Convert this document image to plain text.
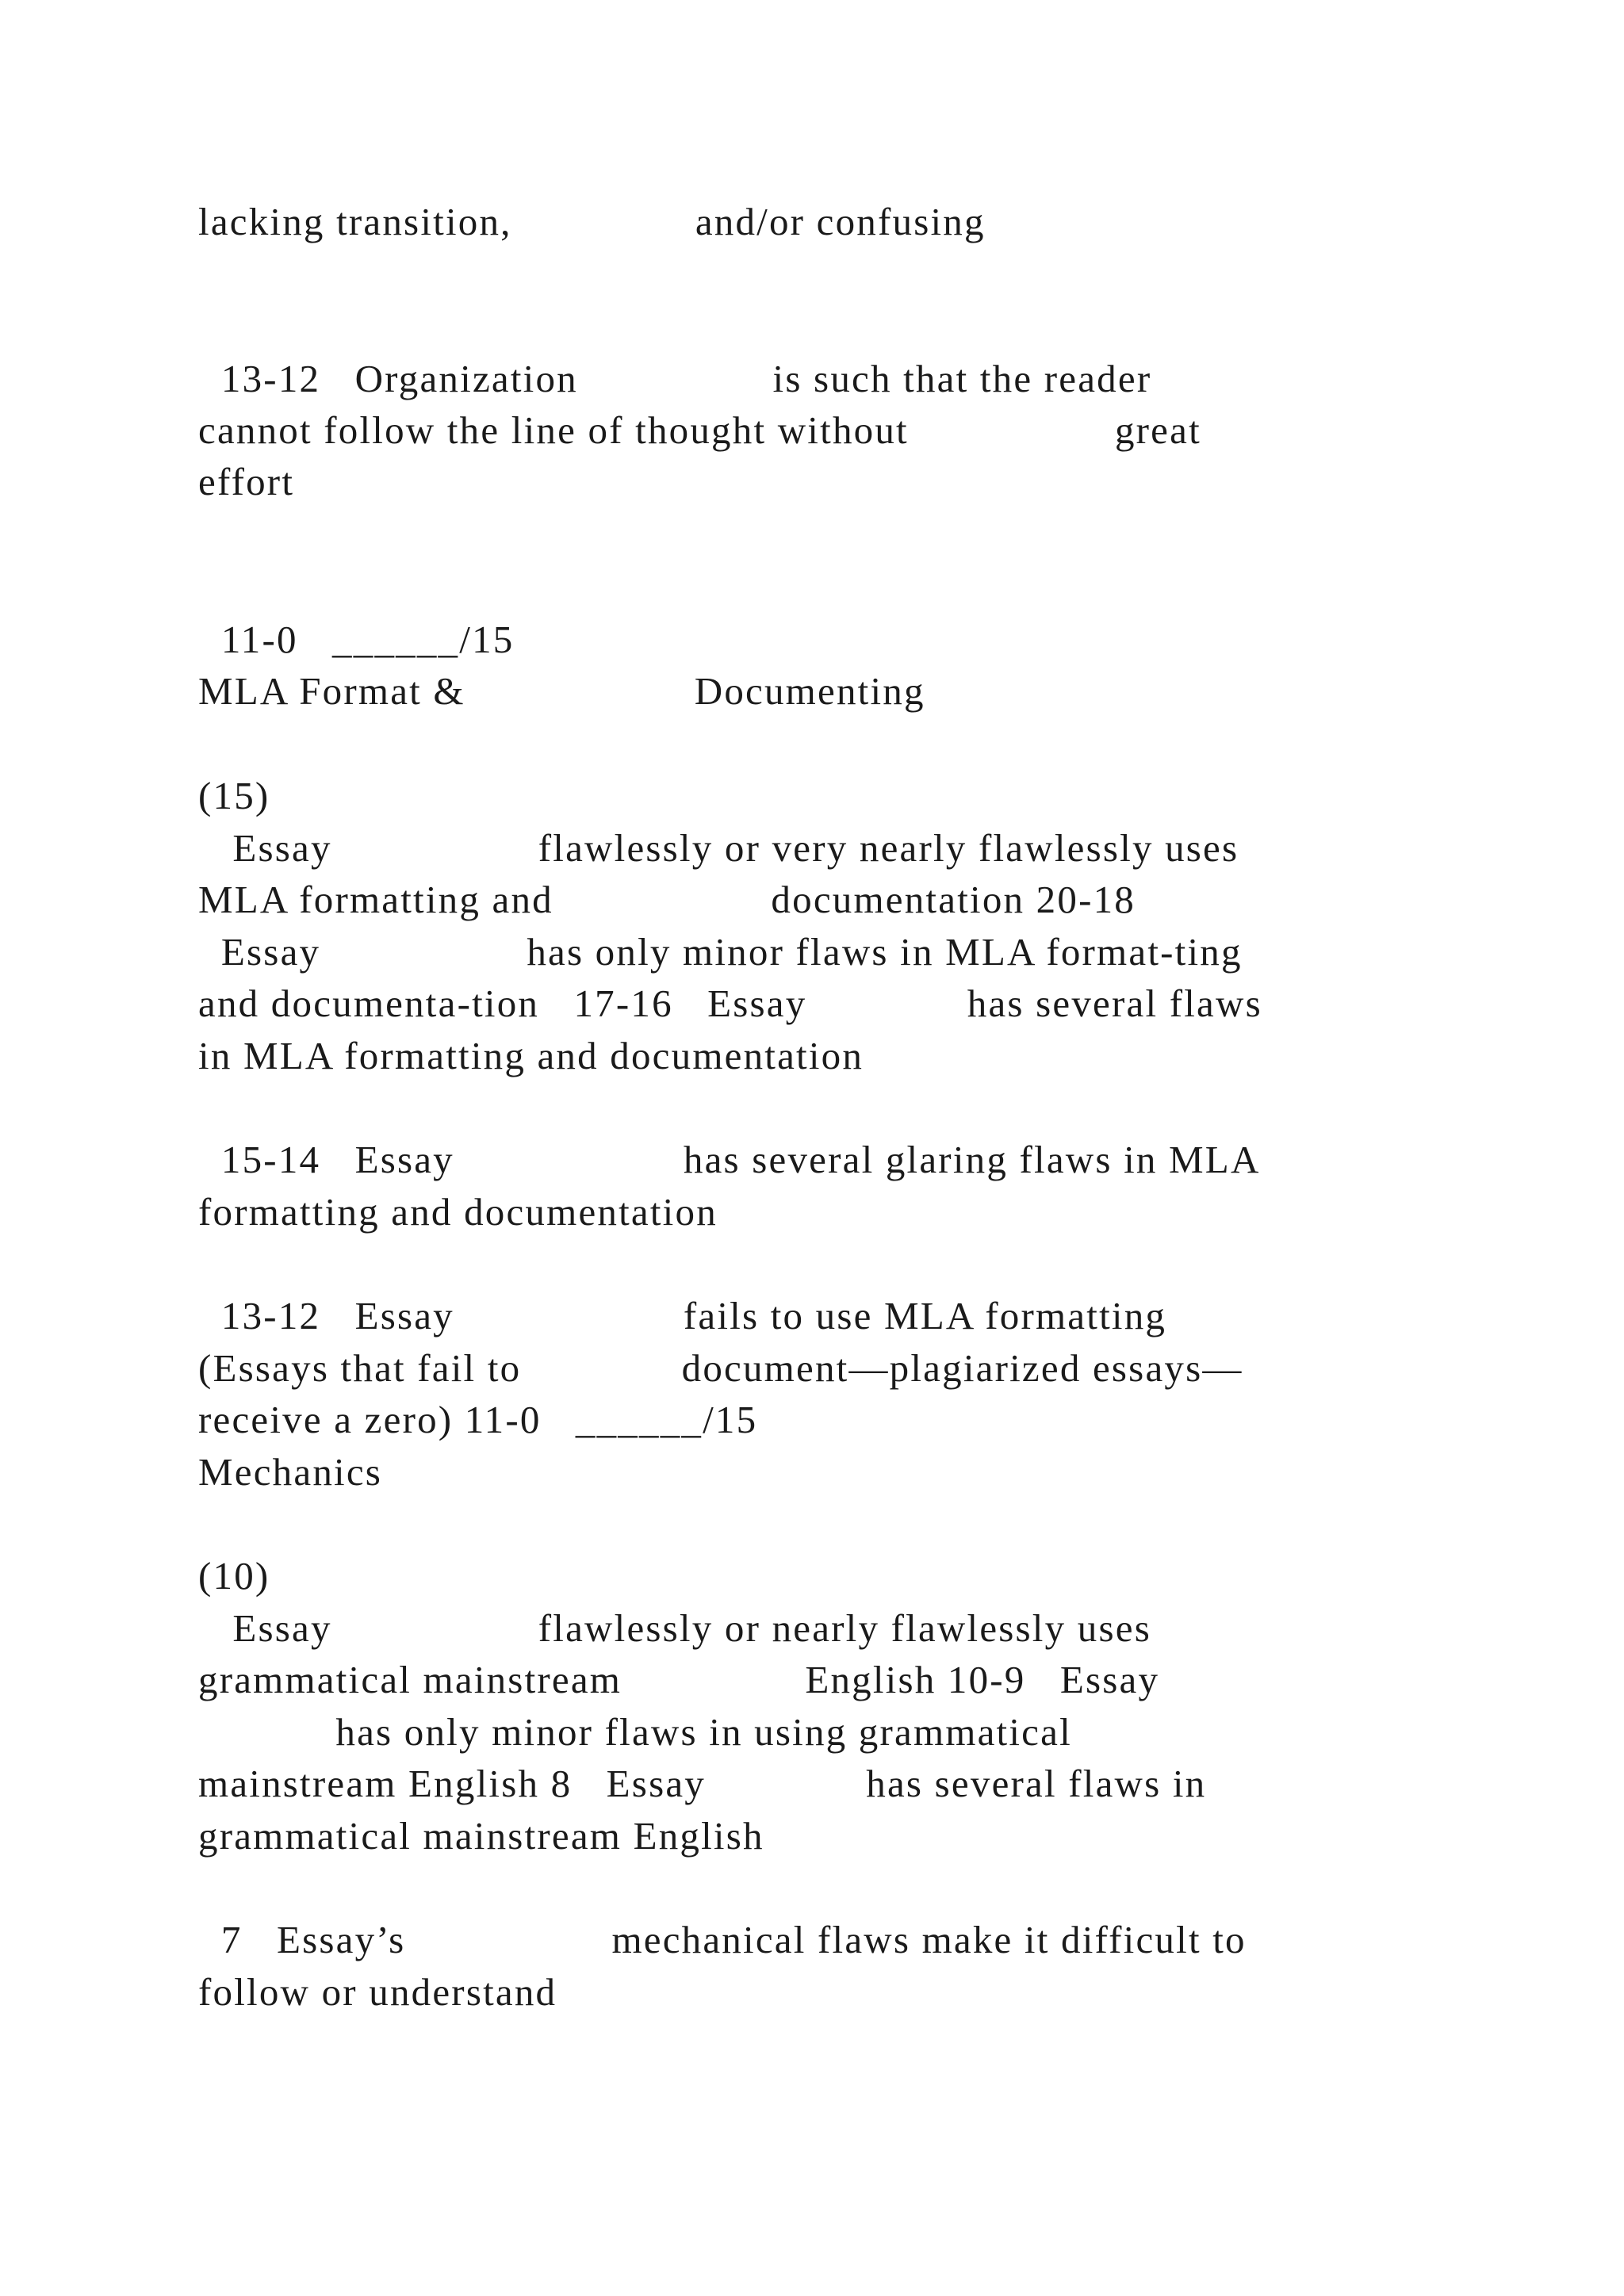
lacking transition,                and/or confusing
13-12   Organization                 is such that the reader
cannot follow the line of thought without                  great
effort
11-0   ______/15
MLA Format &                    Documenting
(15)
Essay                  flawlessly or very nearly flawlessly uses
MLA formatting and                   documentation 20-18
Essay                  has only minor flaws in MLA format-ting
and documenta-tion   17-16   Essay              has several flaws
in MLA formatting and documentation
15-14   Essay                    has several glaring flaws in MLA
formatting and documentation
13-12   Essay                    fails to use MLA formatting
(Essays that fail to              document—plagiarized essays—
receive a zero) 11-0   ______/15
Mechanics
(10)
Essay                  flawlessly or nearly flawlessly uses
grammatical mainstream                English 10-9   Essay
has only minor flaws in using grammatical
mainstream English 8   Essay              has several flaws in
grammatical mainstream English
7   Essay’s                  mechanical flaws make it difficult to
follow or understand
